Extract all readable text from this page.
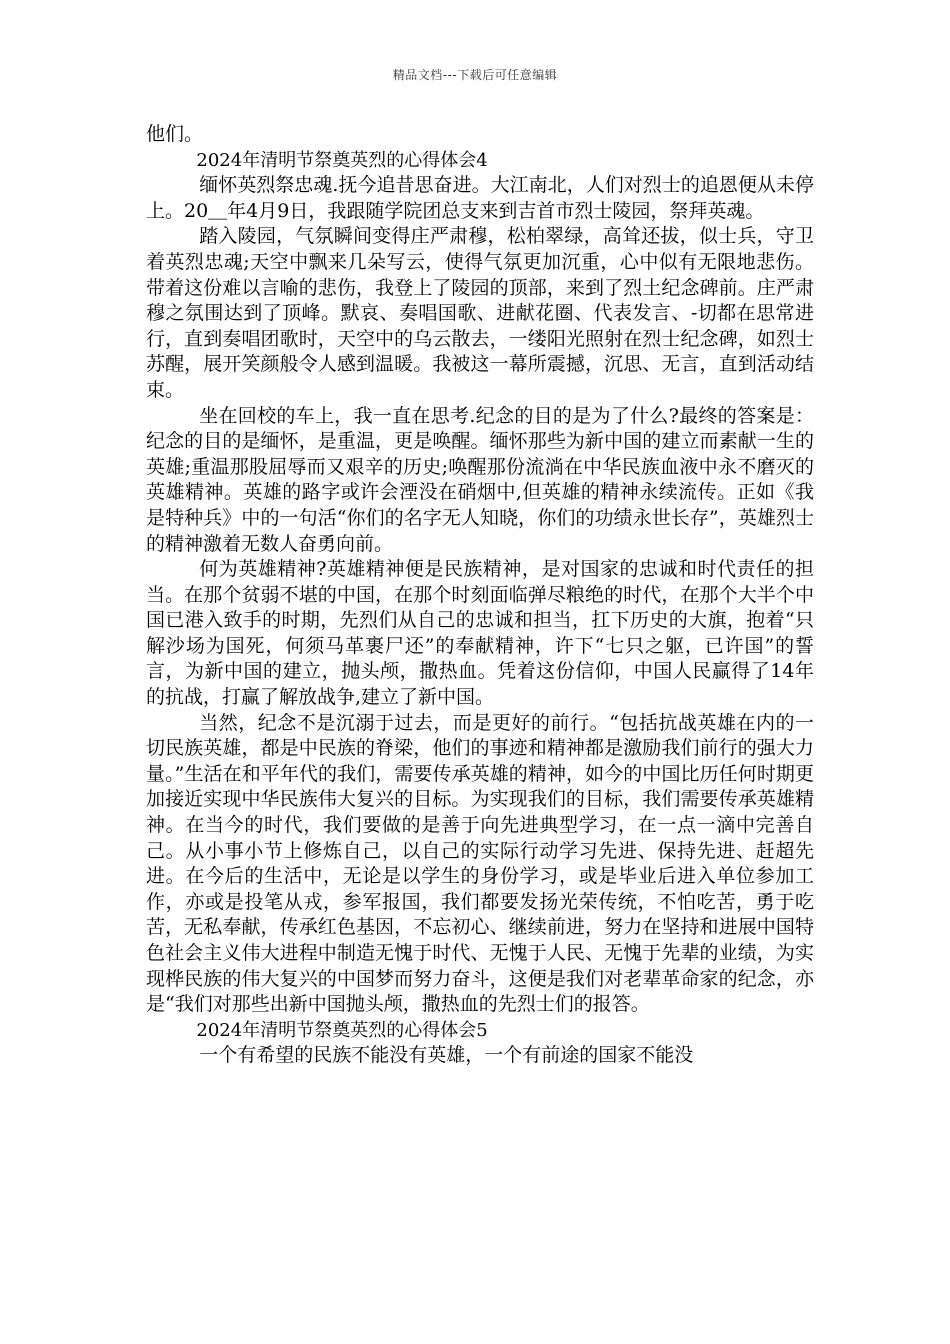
精品文档---下载后可任意编辑

他们。

2024年清明节祭奠英烈的心得体会4

缅怀英烈祭忠魂.抚今追昔思奋进。大江南北，人们对烈士的追恩便从未停上。20＿年4月9日，我跟随学院团总支来到吉首市烈士陵园，祭拜英魂。

踏入陵园，气氛瞬间变得庄严肃穆，松柏翠绿，高耸还拔，似士兵，守卫着英烈忠魂;天空中飘来几朵写云，使得气氛更加沉重，心中似有无限地悲伤。带着这份难以言喻的悲伤，我登上了陵园的顶部，来到了烈土纪念碑前。庄严肃穆之氛围达到了顶峰。默哀、奏唱国歌、进献花圈、代表发言、-切都在思常进行，直到奏唱团歌时，天空中的乌云散去，一缕阳光照射在烈士纪念碑，如烈士苏醒，展开笑颜般令人感到温暖。我被这一幕所震撼，沉思、无言，直到活动结束。

坐在回校的车上，我一直在思考.纪念的目的是为了什么?最终的答案是：纪念的目的是缅怀，是重温，更是唤醒。缅怀那些为新中国的建立而素献一生的英雄;重温那股屈辱而又艰辛的历史;唤醒那份流淌在中华民族血液中永不磨灭的英雄精神。英雄的路字或许会湮没在硝烟中,但英雄的精神永续流传。正如《我是特种兵》中的一句活“你们的名字无人知晓，你们的功绩永世长存”，英雄烈士的精神激着无数人奋勇向前。

何为英雄精神?英雄精神便是民族精神，是对国家的忠诚和时代责任的担当。在那个贫弱不堪的中国，在那个时刻面临弹尽粮绝的时代，在那个大半个中国已港入致手的时期，先烈们从自己的忠诚和担当，扛下历史的大旗，抱着“只解沙场为国死，何须马革裹尸还”的奉献精神，许下“七只之躯，已许国”的誓言，为新中国的建立，抛头颅，撒热血。凭着这份信仰，中国人民赢得了14年的抗战，打赢了解放战争,建立了新中国。

当然，纪念不是沉溺于过去，而是更好的前行。“包括抗战英雄在内的一切民族英雄，都是中民族的脊梁，他们的事迹和精神都是激励我们前行的强大力量。”生活在和平年代的我们，需要传承英雄的精神，如今的中国比历任何时期更加接近实现中华民族伟大复兴的目标。为实现我们的目标，我们需要传承英雄精神。在当今的时代，我们要做的是善于向先进典型学习，在一点一滴中完善自己。从小事小节上修炼自己，以自己的实际行动学习先进、保持先进、赶超先进。在今后的生活中，无论是以学生的身份学习，或是毕业后进入单位参加工作，亦或是投笔从戎，参军报国，我们都要发扬光荣传统，不怕吃苦，勇于吃苦，无私奉献，传承红色基因，不忘初心、继续前进，努力在坚持和进展中国特色社会主义伟大进程中制造无愧于时代、无愧于人民、无愧于先辈的业绩，为实现桦民族的伟大复兴的中国梦而努力奋斗，这便是我们对老辈革命家的纪念，亦是“我们对那些出新中国抛头颅，撒热血的先烈士们的报答。

2024年清明节祭奠英烈的心得体会5

一个有希望的民族不能没有英雄，一个有前途的国家不能没
